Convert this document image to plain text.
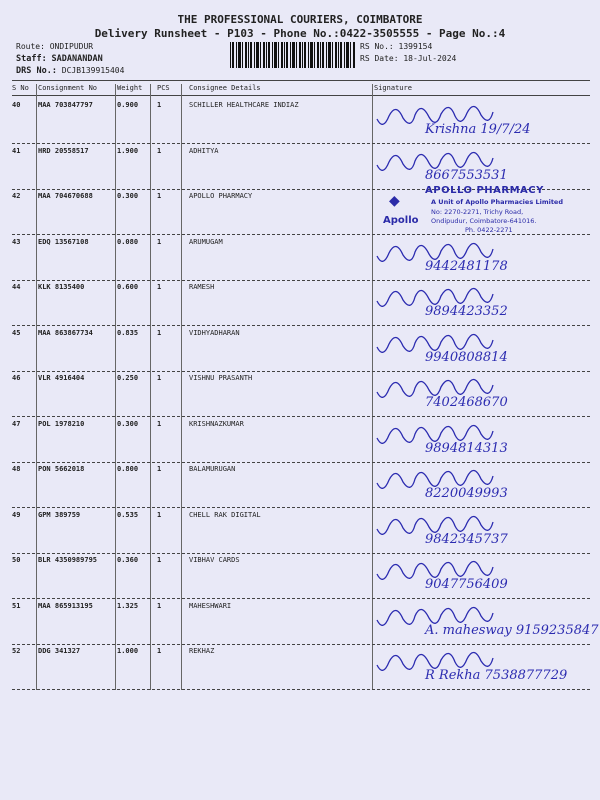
THE PROFESSIONAL COURIERS, COIMBATORE
Delivery Runsheet - P103 - Phone No.:0422-3505555 - Page No.:4
Route: ONDIPUDUR
Staff: SADANANDAN
DRS No.: DCJB139915404
RS No.: 1399154
RS Date: 18-Jul-2024
S No Consignment No	Weight PCS	Consignee Details	Signature
40	MAA 703847797	0.900	1	SCHILLER HEALTHCARE INDIAZ
Krishna 19/7/24
41	HRD 20558517	1.900	1	ADHITYA
8667553531
42	MAA 704670688	0.300	1	APOLLO PHARMACY
43	EDQ 13567108	0.080	1	ARUMUGAM
9442481178
44	KLK 8135400	0.600	1	RAMESH
9894423352
45	MAA 863867734	0.835	1	VIDHYADHARAN
9940808814
46	VLR 4916404	0.250	1	VISHNU PRASANTH
7402468670
47	POL 1978210	0.300	1	KRISHNAZKUMAR
9894814313
48	PON 5662018	0.800	1	BALAMURUGAN
8220049993
49	GPM 389759	0.535	1	CHELL RAK DIGITAL
9842345737
50	BLR 4350989795	0.360	1	VIBHAV CARDS
9047756409
51	MAA 865913195	1.325	1	MAHESHWARI
A. mahesway 9159235847
52	DDG 341327	1.000	1	REKHAZ
R Rekha 7538877729
◆
Apollo
APOLLO PHARMACY
A Unit of Apollo Pharmacies Limited
No: 2270-2271, Trichy Road,
Ondipudur, Coimbatore-641016.
Ph. 0422-2271
